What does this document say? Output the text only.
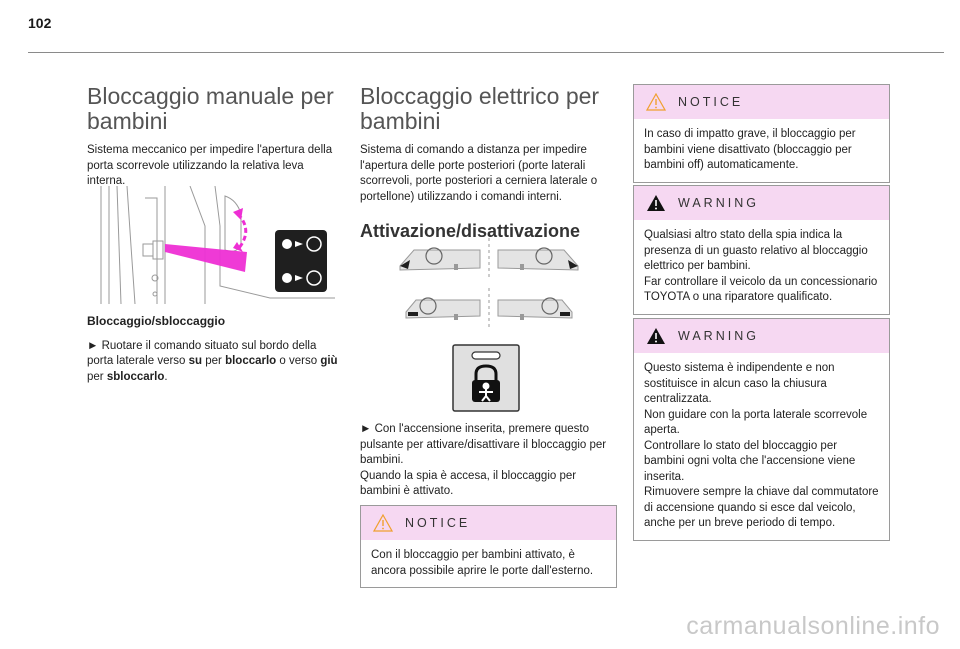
102
Bloccaggio manuale per bambini

Sistema meccanico per impedire l'apertura della porta scorrevole utilizzando la relativa leva interna.

Bloccaggio/sbloccaggio

► Ruotare il comando situato sul bordo della porta laterale verso su per bloccarlo o verso giù per sbloccarlo.

Bloccaggio elettrico per bambini

Sistema di comando a distanza per impedire l'apertura delle porte posteriori (porte laterali scorrevoli, porte posteriori a cerniera laterale o portellone) utilizzando i comandi interni.

Attivazione/disattivazione

► Con l'accensione inserita, premere questo pulsante per attivare/disattivare il bloccaggio per bambini.

Quando la spia è accesa, il bloccaggio per bambini è attivato.

NOTICE

Con il bloccaggio per bambini attivato, è ancora possibile aprire le porte dall'esterno.

NOTICE

In caso di impatto grave, il bloccaggio per bambini viene disattivato (bloccaggio per bambini off) automaticamente.

WARNING

Qualsiasi altro stato della spia indica la presenza di un guasto relativo al bloccaggio elettrico per bambini.

Far controllare il veicolo da un concessionario TOYOTA o una riparatore qualificato.

WARNING

Questo sistema è indipendente e non sostituisce in alcun caso la chiusura centralizzata.

Non guidare con la porta laterale scorrevole aperta.

Controllare lo stato del bloccaggio per bambini ogni volta che l'accensione viene inserita.

Rimuovere sempre la chiave dal commutatore di accensione quando si esce dal veicolo, anche per un breve periodo di tempo.

carmanualsonline.info
